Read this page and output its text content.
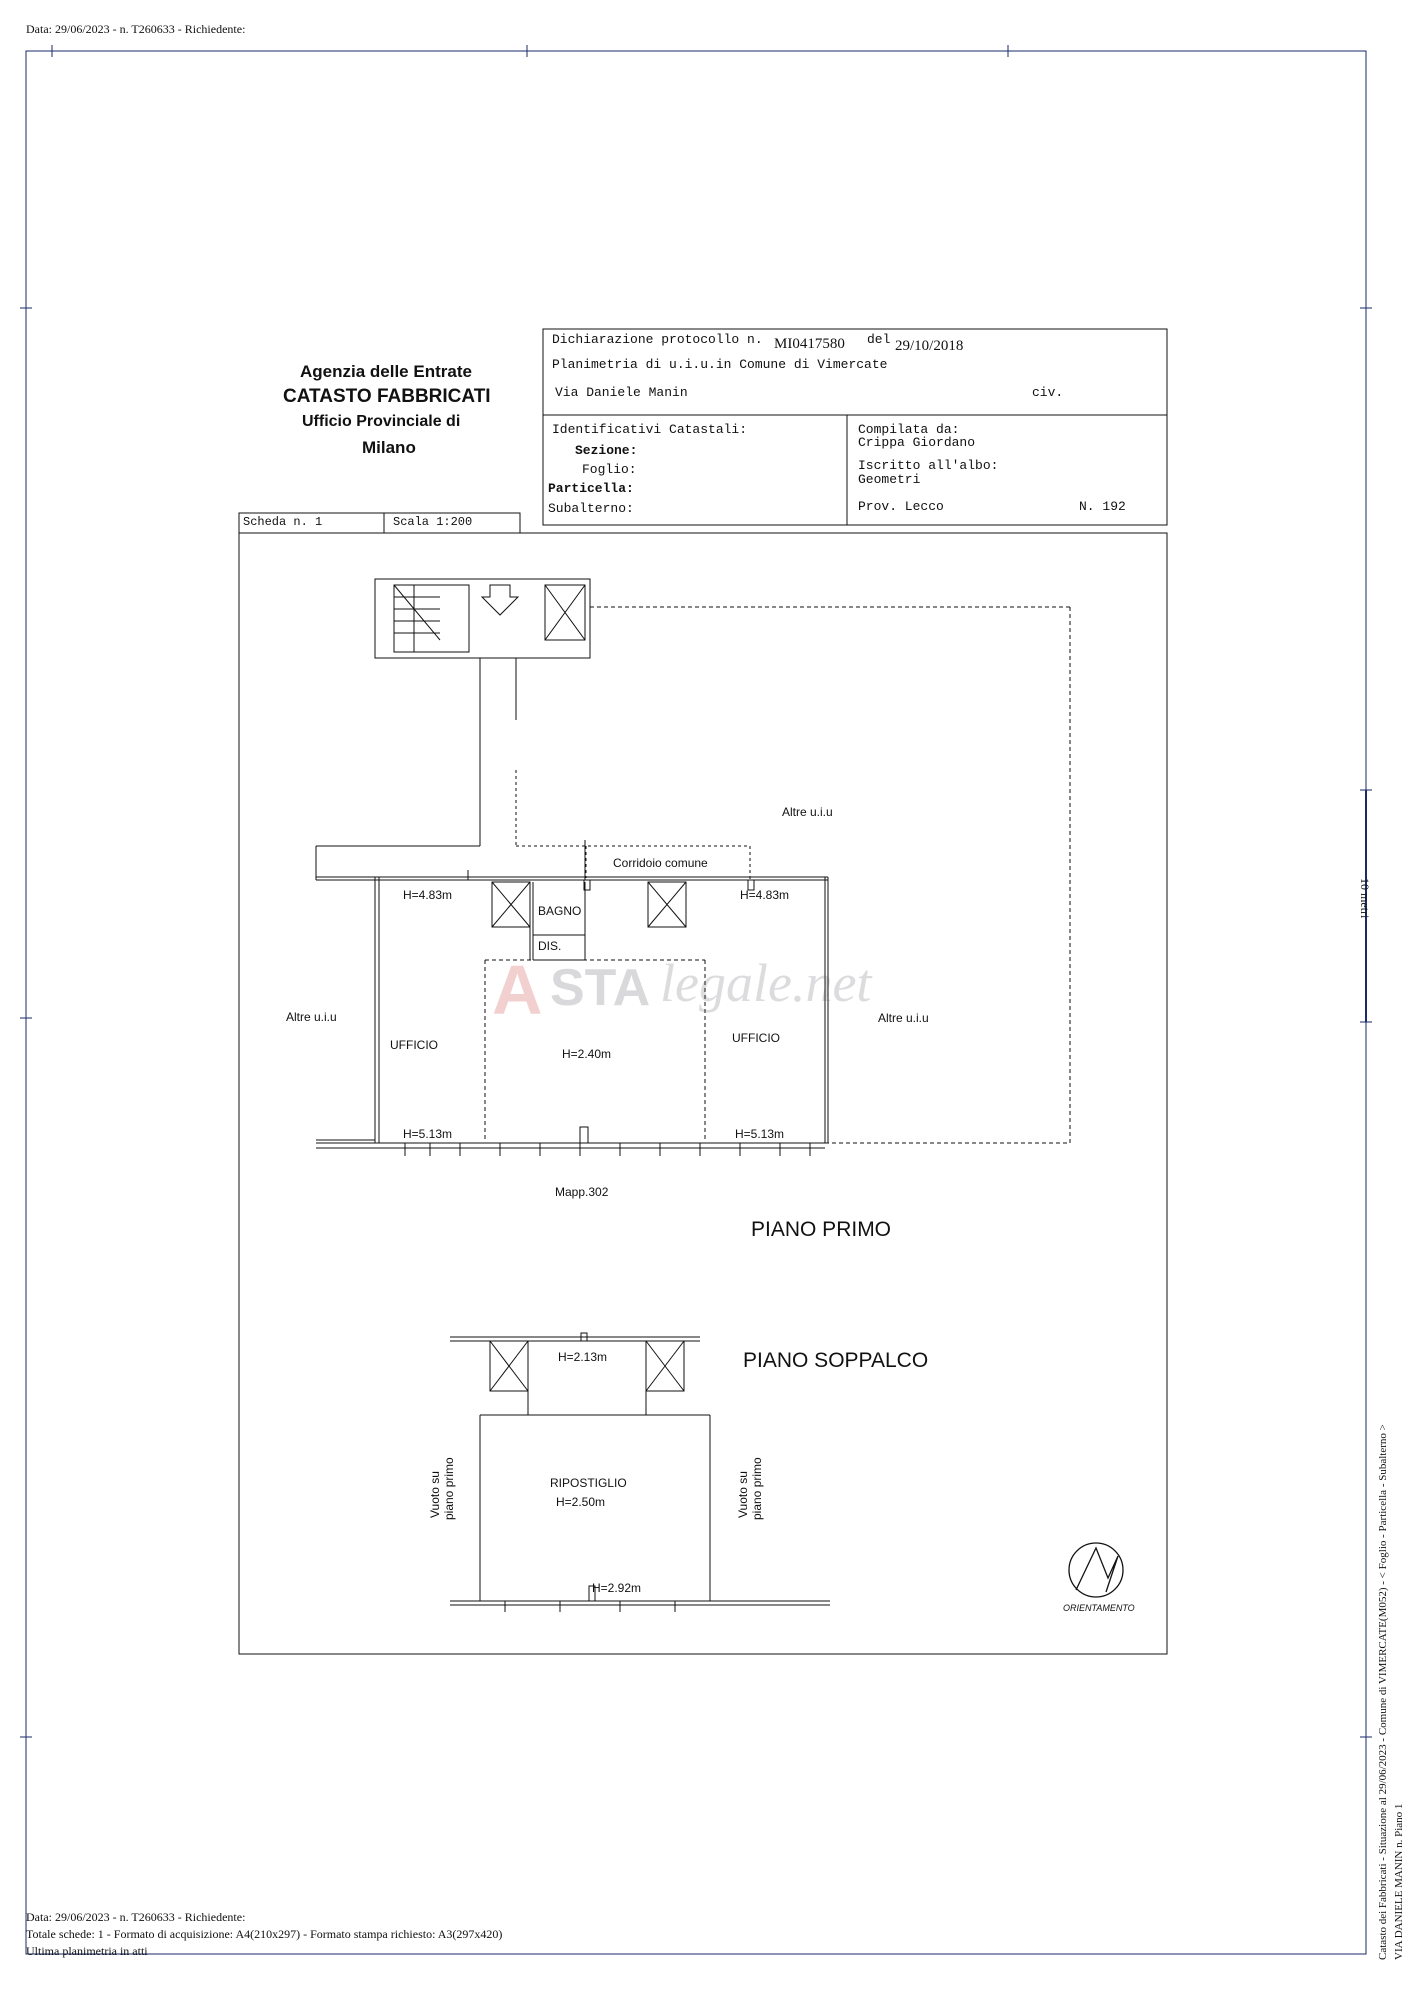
Data: 29/06/2023 - n. T260633 - Richiedente:
A STA legale.net
Agenzia delle Entrate
CATASTO FABBRICATI
Ufficio Provinciale di
Milano
Dichiarazione protocollo n. MI0417580 del 29/10/2018
Planimetria di u.i.u.in Comune di Vimercate
Via Daniele Manin	civ.
Identificativi Catastali:
Sezione:
Foglio:
Particella:
Subalterno:
Compilata da:
Crippa Giordano
Iscritto all'albo:
Geometri
Prov. Lecco	N. 192
Scheda n. 1	Scala 1:200
Altre u.i.u
Corridoio comune
H=4.83m	H=4.83m
BAGNO
DIS.
Altre u.i.u	Altre u.i.u
UFFICIO	UFFICIO
H=2.40m
H=5.13m	H=5.13m
Mapp.302
PIANO PRIMO
PIANO SOPPALCO
H=2.13m
RIPOSTIGLIO
H=2.50m
H=2.92m
Vuoto su piano primo	Vuoto su piano primo
ORIENTAMENTO
10 metri
Catasto dei Fabbricati - Situazione al 29/06/2023 - Comune di VIMERCATE(M052) - < Foglio - Particella - Subalterno > VIA DANIELE MANIN n. Piano 1
Data: 29/06/2023 - n. T260633 - Richiedente:
Totale schede: 1 - Formato di acquisizione: A4(210x297) - Formato stampa richiesto: A3(297x420)
Ultima planimetria in atti
